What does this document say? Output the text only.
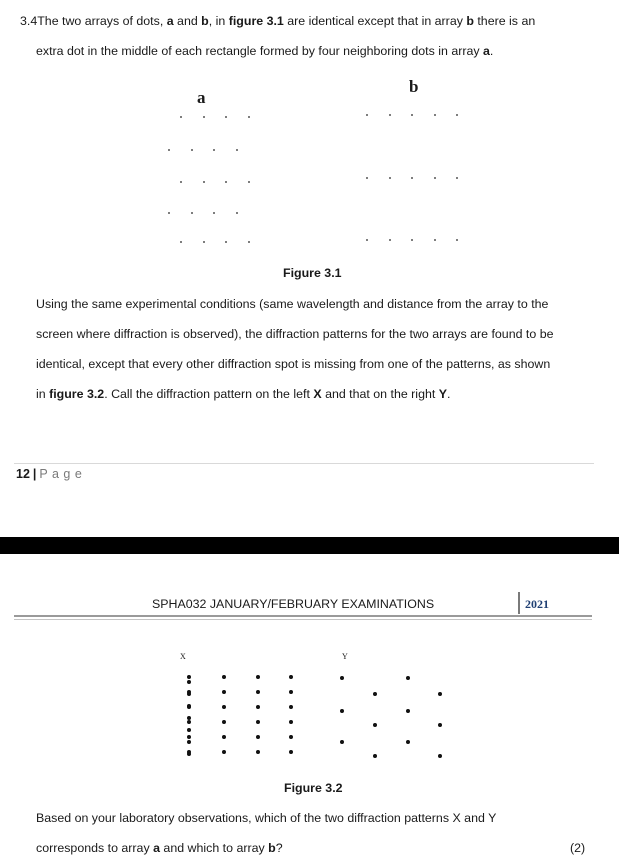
3.4The two arrays of dots, a and b, in figure 3.1 are identical except that in array b there is an
extra dot in the middle of each rectangle formed by four neighboring dots in array a.
a
b
Figure 3.1
Using the same experimental conditions (same wavelength and distance from the array to the
screen where diffraction is observed), the diffraction patterns for the two arrays are found to be
identical, except that every other diffraction spot is missing from one of the patterns, as shown
in figure 3.2. Call the diffraction pattern on the left X and that on the right Y.
12 | P a g e
SPHA032 JANUARY/FEBRUARY EXAMINATIONS	2021
X	Y
Figure 3.2
Based on your laboratory observations, which of the two diffraction patterns X and Y
corresponds to array a and which to array b?	(2)
